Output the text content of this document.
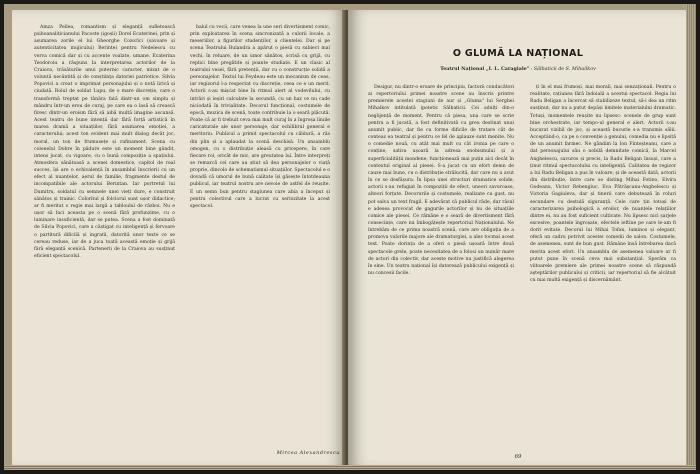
Amza Pellea, romantism și eleganță sufletească psihoanaliticianului Pacoste (igoșii) Dorel Ecaterinei, prin și asumarea zorile el lui Gheorghe Cozorici (savoare și autenticitatea mujicului) Berintei pentru Nedelescu cu verva comică dar și cu accente voalate, umane. Ecaterina Teodoroiu a răspuns la interpretarea actorilor de la Craiova, trăsăturile unui puternic caracter, mizat de o voluntă necântită și de conștiința datoriei patriotice. Silvia Popovici a creat o imprimat personajului și o notă lirică și ciudată. Rolul de soldat Lupu, de o mare discreție, care o transformă treptat pe tânăra fată dintr-un om simplu și mândru într-un erou de curaj, pe care ea o lasă să crească firesc dintr-un eroism fără să aibă multă imagine ascunsă. Acest teatru de bune intenții dar fără forță artistică în marea dramă a situațiilor, fără asumarea emoției, a caracterului; acest ton evident mai mult dialog decât joc, moral, un ton de frumusețe și rafinament. Scena cu colonelul Dobre în pădure este un moment bine gândit, intens jucat, cu vigoare, cu o bună compoziție a spațiului. Atmosfera sănătoasă a scenei domestice, capitol de real succes, își are o echivalență în ansamblul înscrierii cu un efect al nuanțelor, aerul de familie, fragmente destul de incompatibile ale actorului Berintan. Iar portretul lui Dumitru, soldatul cu semnele unei vieți dure, e construit sănătos și trainic. Coloritul și folclorul sunt ușor didactice; ar fi meritat o regie mai largă a tabloului de război. Nu e ușor să faci aceasta pe o scenă fără profunzime, cu o luminare insuficientă, dar se putea. Scena a fost dominată de Silvia Popovici, care a câștigat cu inteligență și fervoare o partitură dificilă și ingrată, datorită unor texte ce se cereau reduse, iar de a juca toată această emoție și grijă fără eleganță scenică. Partenerii de la Craiova au susținut eficient spectacolul.
balul cu vecii, care venea la une seri divertisment comic, prin exploatarea în scena sincronizată a culorii locale, a meseriilor, a figurilor studenților, a clientelei. Dar și pe scena Teatrului Bulandra a apărut o piesă cu subiect mai vechi, în reluare, de un umor sănătos, scrisă cu grijă, cu replici bine pregătite și poante studiate. E un clasic al teatrului vesel, fără pretenții, dar cu o construcție solidă a personajelor. Textul lui Feydeau este un mecanism de ceas, iar regizorul l-a respectat cu discreție, ceea ce e un merit. Actorii s-au mișcat bine în ritmul alert al vodevilului, cu intrări și ieșiri calculate la secundă, cu un haz ce nu cade niciodată în trivialitate. Decorul funcțional, costumele de epocă, muzica de scenă, toate contribuie la o seară plăcută. Poate că ar fi trebuit ceva mai mult curaj în a îngroșa liniile caricaturale ale unor personaje, dar echilibrul general e meritoriu. Publicul a primit spectacolul cu căldură, a râs din plin și a aplaudat la scenă deschisă. Un ansamblu omogen, cu o distribuție aleasă cu pricepere, în care fiecare rol, oricât de mic, are greutatea lui. Între interpreți se remarcă cei care au știut să dea personajelor o viață proprie, dincolo de schematismul situațiilor. Spectacolul e o dovadă că umorul de bună calitate își găsește întotdeauna publicul, iar teatrul nostru are nevoie de astfel de reușite. E un semn bun pentru stagiunea care abia a început și pentru colectivul care a lucrat cu seriozitate la acest spectacol.
Mircea Alexandrescu
O GLUMĂ LA NAȚIONAL
Teatrul Național „I. L. Caragiale" : Sâlbaticii de S. Mihailkov
Desigur, nu dintr-o eroare de principiu, factorii conducători ai repertoriului primei noastre scene au înscris printre premierele acestei stagiuni de aur și „Gluma" lui Serghei Mihalkov intitulată ipotetic Sălbaticii. Cei adulți din-o neglijență de moment. Pentru că piesa, una care se scrie pentru a fi jucată, a fost definitivată cu greu destinat unui anumit public, dar fie cu forme dificile de tratare cât de conteaz ea teatral și pentru ce fel de aplauze sunt menite. Nu o comedie nouă, cu atât mai mult cu cât ironia pe care o conține, satira ușoară la adresa snobismului și a superficialității mondene, funcționează mai puțin aici decât în contextul original al piesei. S-a jucat cu un efort demn de cauze mai bune, cu o distribuție strălucită, dar care nu a avut în ce se desfășura. În lipsa unei structuri dramatice solide, actorii s-au refugiat în compoziții de efect, uneori savuroase, alteori forțate. Decorurile și costumele, realizate cu gust, nu pot salva un text fragil. E adevărat că publicul râde, dar râsul e adesea provocat de gagurile actorilor și nu de situațiile comice ale piesei. Ce rămâne e o seară de divertisment fără consecințe, care nu îmbogățește repertoriul Naționalului. Ne întrebăm de ce prima noastră scenă, care are obligația de a promova valorile majore ale dramaturgiei, a ales tocmai acest text. Poate dorința de a oferi o piesă ușoară între două spectacole grele, poate necesitatea de a folosi un număr mare de actori din colectiv, dar aceste motive nu justifică alegerea în sine. Un teatru național își datorează publicului exigență și nu concesii facile.
ți în el mai frumoși, mai morali, mai senzaționali. Pentru o realitate, rațiunea fără îndoială a acestui spectacol. Regia lui Radu Beligan a încercat să stabilizeze textul, să-i dea un ritm susținut, dar nu a putut depăși limitele materialului dramatic. Totuși, momentele reușite nu lipsesc: scenele de grup sunt bine orchestrate, iar tempo-ul general e alert. Actorii s-au bucurat vizibil de joc, și această bucurie s-a transmis sălii. Acceptând-o, ca pe o convenție a genului, comedia nu e lipsită de un anumit farmec. Ne gândim la Ion Finteșteanu, care a dat personajului său o nobilă demnitate comică, la Marcel Anghelescu, savuros și precis, la Radu Beligan însuși, care a ținut ritmul spectacolului cu inteligență. Calitatea de regizor a lui Radu Beligan a pus în valoare, și de această dată, actorii din distribuție, între care se disting Mihai Fotino, Elvira Godeanu, Victor Rebengiuc, Eva Pătrășcanu-Anghelescu și Victoria Gagiuleva, dar și tinerii care debutează în roluri secundare cu destulă siguranță. Cele care țin totuși de caracterizarea psihologică a eroilor, de nuanțele relațiilor dintre ei, nu au fost suficient cultivate. Nu lipsesc nici șarjele excesive, poantele îngroșate, efectele ieftine pe care le-am fi dorit evitate. Decorul lui Mihai Tofan, luminos și elegant, oferă un cadru potrivit acestei comedii de salon. Costumele, de asemenea, sunt de bun gust. Rămâne însă întrebarea dacă merita acest efort. Un ansamblu de asemenea valoare ar fi putut pune în scenă ceva mai substanțial. Sperăm ca viitoarele premiere ale primei noastre scene să răspundă așteptărilor publicului și criticii, iar repertoriul să fie alcătuit cu mai multă exigență și discernământ.
69
